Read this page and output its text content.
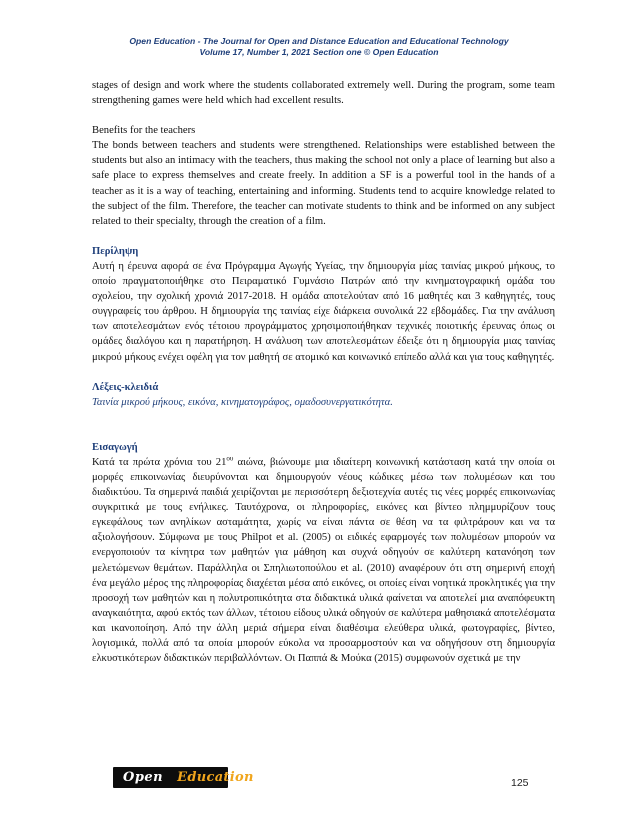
Open Education - The Journal for Open and Distance Education and Educational Technology
Volume 17, Number 1, 2021 Section one © Open Education

stages of design and work where the students collaborated extremely well. During the program, some team strengthening games were held which had excellent results.

Benefits for the teachers

The bonds between teachers and students were strengthened. Relationships were established between the students but also an intimacy with the teachers, thus making the school not only a place of learning but also a safe place to express themselves and create freely. In addition a SF is a powerful tool in the hands of a teacher as it is a way of teaching, entertaining and informing. Students tend to acquire knowledge related to the subject of the film. Therefore, the teacher can motivate students to think and be informed on any subject related to their specialty, through the creation of a film.

Περίληψη

Αυτή η έρευνα αφορά σε ένα Πρόγραμμα Αγωγής Υγείας, την δημιουργία μίας ταινίας μικρού μήκους, το οποίο πραγματοποιήθηκε στο Πειραματικό Γυμνάσιο Πατρών από την κινηματογραφική ομάδα του σχολείου, την σχολική χρονιά 2017-2018. Η ομάδα αποτελούταν από 16 μαθητές και 3 καθηγητές, τους συγγραφείς του άρθρου. Η δημιουργία της ταινίας είχε διάρκεια συνολικά 22 εβδομάδες. Για την ανάλυση των αποτελεσμάτων ενός τέτοιου προγράμματος χρησιμοποιήθηκαν τεχνικές ποιοτικής έρευνας όπως οι ομάδες διαλόγου και η παρατήρηση. Η ανάλυση των αποτελεσμάτων έδειξε ότι η δημιουργία μιας ταινίας μικρού μήκους ενέχει οφέλη για τον μαθητή σε ατομικό και κοινωνικό επίπεδο αλλά και για τους καθηγητές.

Λέξεις-κλειδιά

Ταινία μικρού μήκους, εικόνα, κινηματογράφος, ομαδοσυνεργατικότητα.

Εισαγωγή

Κατά τα πρώτα χρόνια του $21^{o\upsilon}$ αιώνα, βιώνουμε μια ιδιαίτερη κοινωνική κατάσταση κατά την οποία οι μορφές επικοινωνίας διευρύνονται και δημιουργούν νέους κώδικες μέσω των πολυμέσων και του διαδικτύου. Τα σημερινά παιδιά χειρίζονται με περισσότερη δεξιοτεχνία αυτές τις νέες μορφές επικοινωνίας συγκριτικά με τους ενήλικες. Ταυτόχρονα, οι πληροφορίες, εικόνες και βίντεο πλημμυρίζουν τους εγκεφάλους των ανηλίκων ασταμάτητα, χωρίς να είναι πάντα σε θέση να τα φιλτράρουν και να τα αξιολογήσουν. Σύμφωνα με τους Philpot et al. (2005) οι ειδικές εφαρμογές των πολυμέσων μπορούν να ενεργοποιούν τα κίνητρα των μαθητών για μάθηση και συχνά οδηγούν σε καλύτερη κατανόηση των μελετώμενων θεμάτων. Παράλληλα οι Σπηλιωτοπούλου et al. (2010) αναφέρουν ότι στη σημερινή εποχή ένα μεγάλο μέρος της πληροφορίας διαχέεται μέσα από εικόνες, οι οποίες είναι νοητικά προκλητικές για την προσοχή των μαθητών και η πολυτροπικότητα στα διδακτικά υλικά φαίνεται να αποτελεί μια αναπόφευκτη αναγκαιότητα, αφού εκτός των άλλων, τέτοιου είδους υλικά οδηγούν σε καλύτερα μαθησιακά αποτελέσματα και ικανοποίηση. Από την άλλη μεριά σήμερα είναι διαθέσιμα ελεύθερα υλικά, φωτογραφίες, βίντεο, λογισμικά, πολλά από τα οποία μπορούν εύκολα να προσαρμοστούν και να οδηγήσουν στη δημιουργία ελκυστικότερων διδακτικών περιβαλλόντων. Οι Παππά & Μούκα (2015) συμφωνούν σχετικά με την

Open	Education	125
